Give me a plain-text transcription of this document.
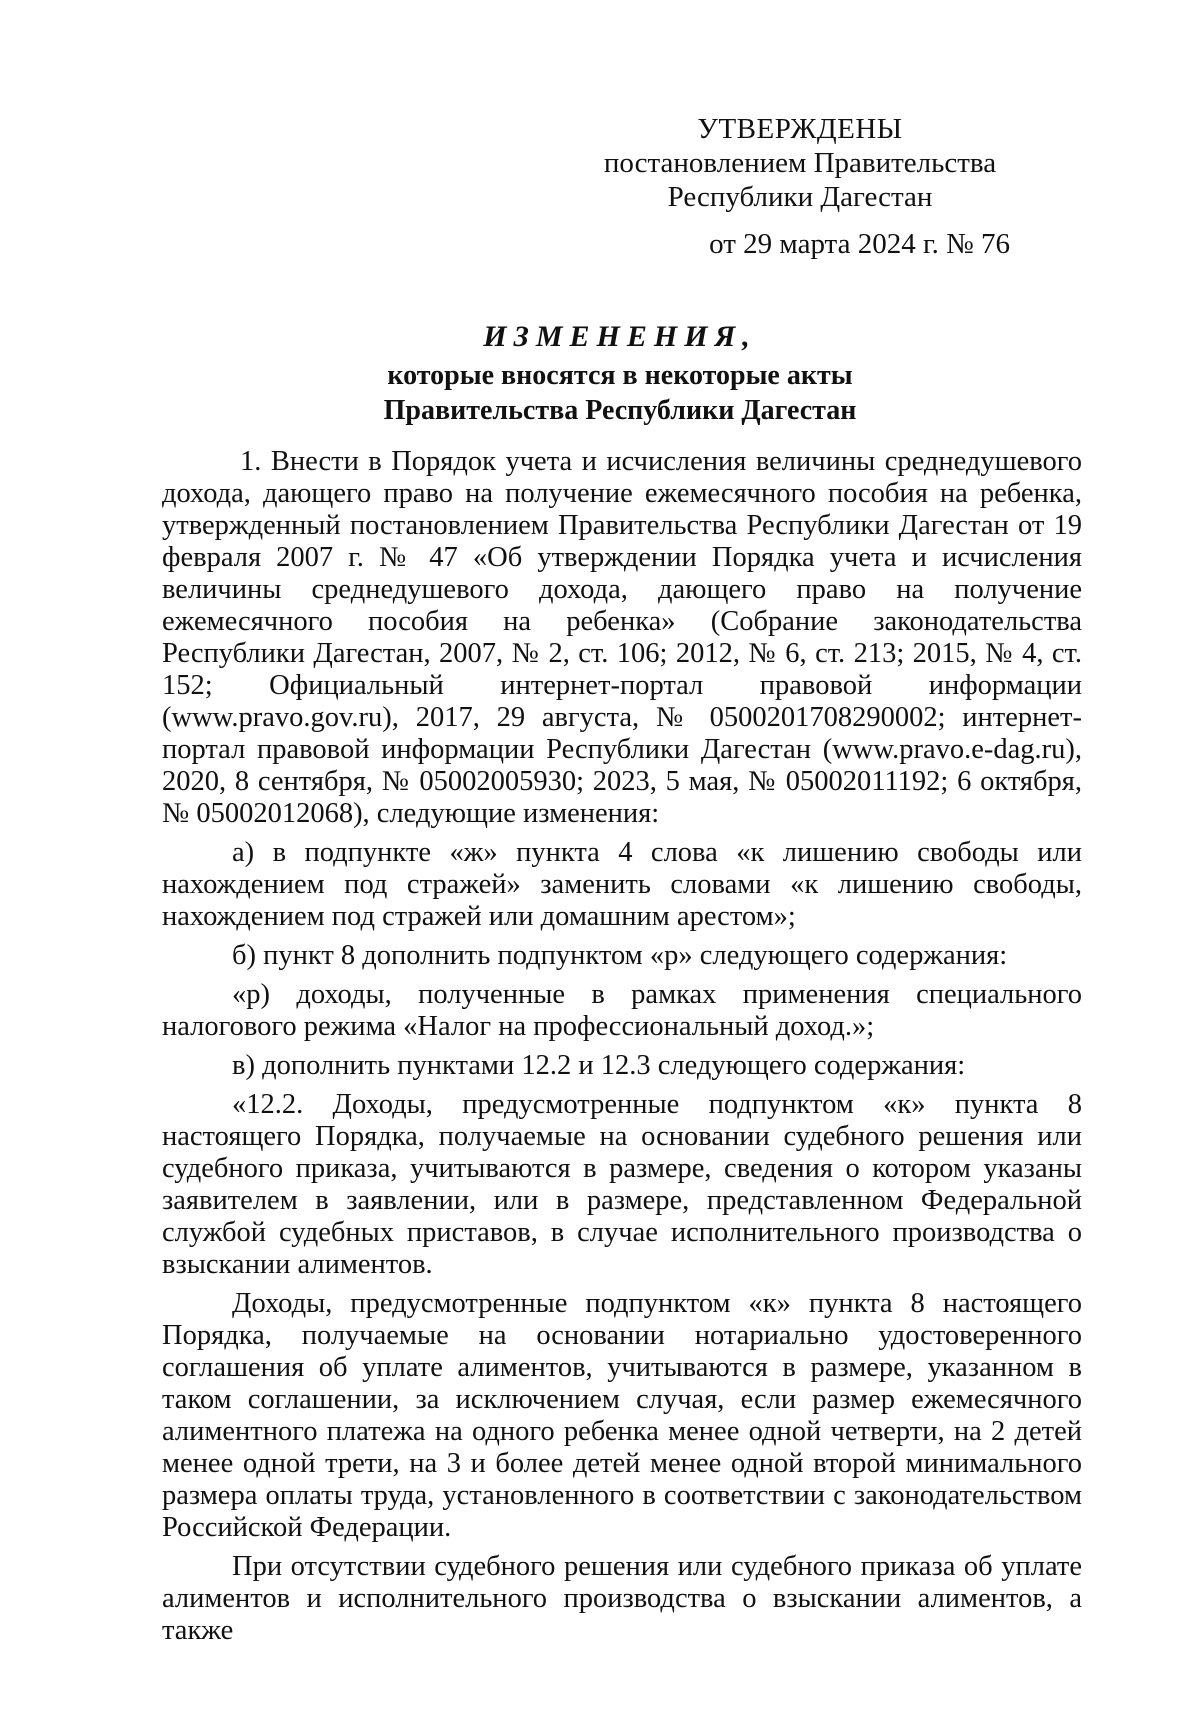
УТВЕРЖДЕНЫ
постановлением Правительства
Республики Дагестан
от 29 марта 2024 г. № 76
ИЗМЕНЕНИЯ,
которые вносятся в некоторые акты
Правительства Республики Дагестан

1. Внести в Порядок учета и исчисления величины среднедушевого дохода, дающего право на получение ежемесячного пособия на ребенка, утвержденный постановлением Правительства Республики Дагестан от 19 февраля 2007 г. № 47 «Об утверждении Порядка учета и исчисления величины среднедушевого дохода, дающего право на получение ежемесячного пособия на ребенка» (Собрание законодательства Республики Дагестан, 2007, № 2, ст. 106; 2012, № 6, ст. 213; 2015, № 4, ст. 152; Официальный интернет-портал правовой информации (www.pravo.gov.ru), 2017, 29 августа, № 0500201708290002; интернет-портал правовой информации Республики Дагестан (www.pravo.e-dag.ru), 2020, 8 сентября, № 05002005930; 2023, 5 мая, № 05002011192; 6 октября, № 05002012068), следующие изменения:

а) в подпункте «ж» пункта 4 слова «к лишению свободы или нахождением под стражей» заменить словами «к лишению свободы, нахождением под стражей или домашним арестом»;

б) пункт 8 дополнить подпунктом «р» следующего содержания:

«р) доходы, полученные в рамках применения специального налогового режима «Налог на профессиональный доход.»;

в) дополнить пунктами 12.2 и 12.3 следующего содержания:

«12.2. Доходы, предусмотренные подпунктом «к» пункта 8 настоящего Порядка, получаемые на основании судебного решения или судебного приказа, учитываются в размере, сведения о котором указаны заявителем в заявлении, или в размере, представленном Федеральной службой судебных приставов, в случае исполнительного производства о взыскании алиментов.

Доходы, предусмотренные подпунктом «к» пункта 8 настоящего Порядка, получаемые на основании нотариально удостоверенного соглашения об уплате алиментов, учитываются в размере, указанном в таком соглашении, за исключением случая, если размер ежемесячного алиментного платежа на одного ребенка менее одной четверти, на 2 детей менее одной трети, на 3 и более детей менее одной второй минимального размера оплаты труда, установленного в соответствии с законодательством Российской Федерации.

При отсутствии судебного решения или судебного приказа об уплате алиментов и исполнительного производства о взыскании алиментов, а также
